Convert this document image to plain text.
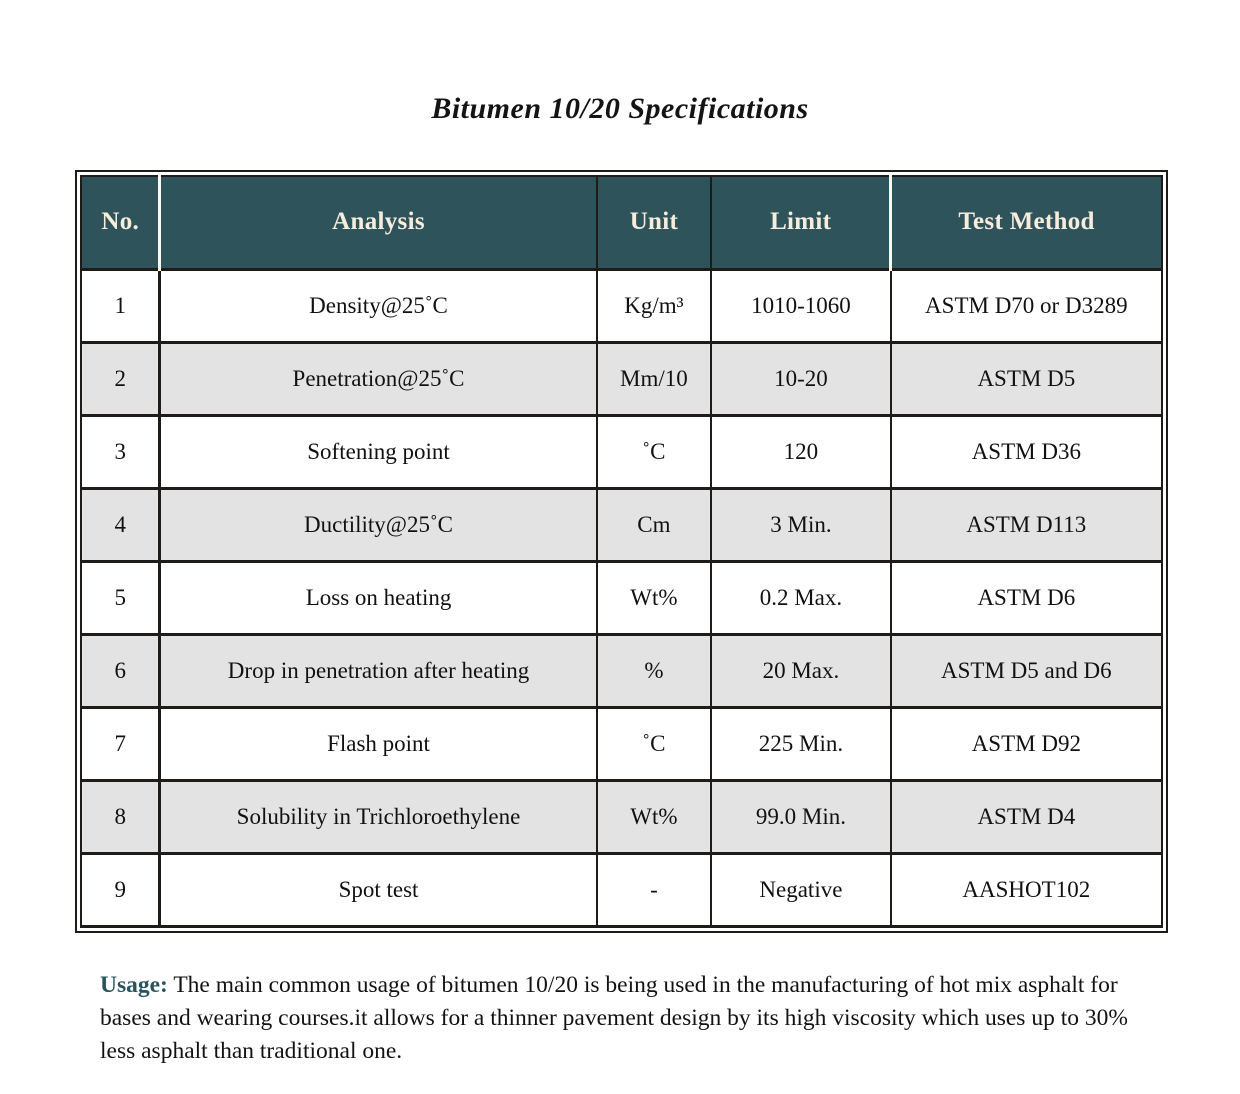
Bitumen 10/20 Specifications
No.	Analysis	Unit	Limit	Test Method
1	Density@25˚C	Kg/m³	1010-1060	ASTM D70 or D3289
2	Penetration@25˚C	Mm/10	10-20	ASTM D5
3	Softening point	˚C	120	ASTM D36
4	Ductility@25˚C	Cm	3 Min.	ASTM D113
5	Loss on heating	Wt%	0.2 Max.	ASTM D6
6	Drop in penetration after heating	%	20 Max.	ASTM D5 and D6
7	Flash point	˚C	225 Min.	ASTM D92
8	Solubility in Trichloroethylene	Wt%	99.0 Min.	ASTM D4
9	Spot test	-	Negative	AASHOT102

Usage: The main common usage of bitumen 10/20 is being used in the manufacturing of hot mix asphalt for bases and wearing courses.it allows for a thinner pavement design by its high viscosity which uses up to 30% less asphalt than traditional one.
